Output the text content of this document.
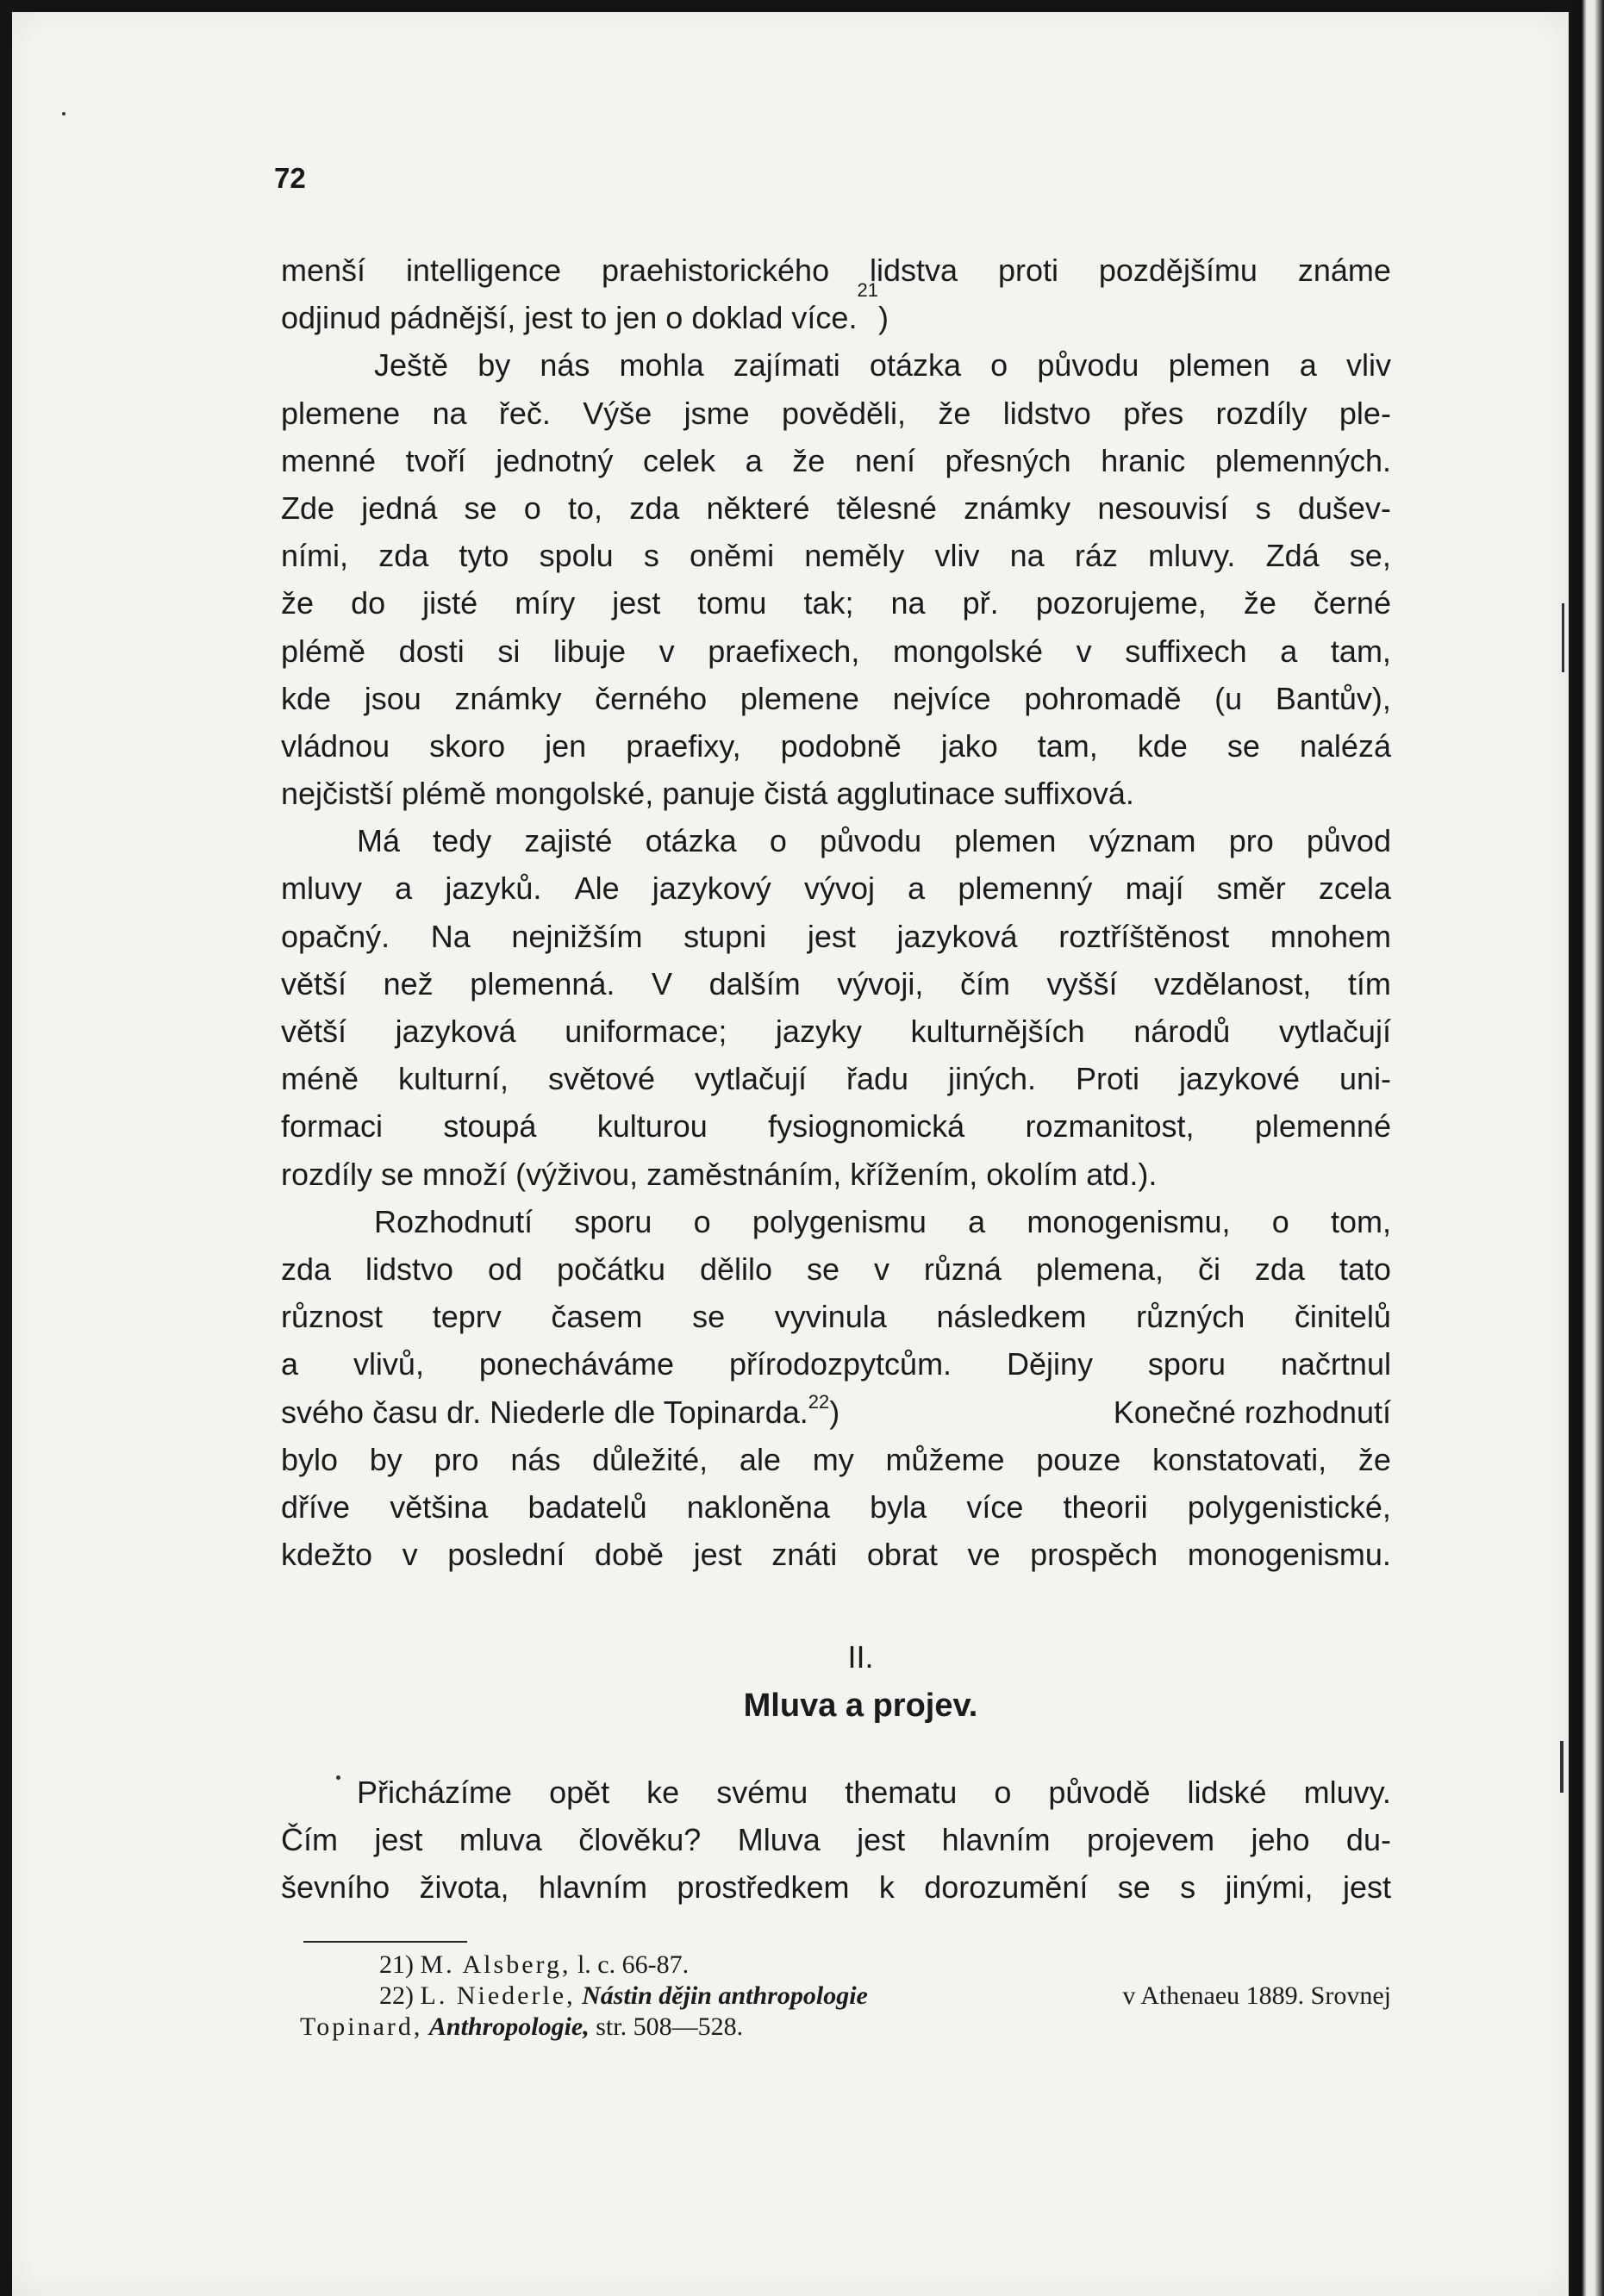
72
menší intelligence praehistorického lidstva proti pozdějšímu známe
odjinud pádnější, jest to jen o doklad více.
$^{21}$
)
Ještě by nás mohla zajímati otázka o původu plemen a vliv
plemene na řeč. Výše jsme pověděli, že lidstvo přes rozdíly ple-
menné tvoří jednotný celek a že není přesných hranic plemenných.
Zde jedná se o to, zda některé tělesné známky nesouvisí s dušev-
ními, zda tyto spolu s oněmi neměly vliv na ráz mluvy. Zdá se,
že do jisté míry jest tomu tak; na př. pozorujeme, že černé
plémě dosti si libuje v praefixech, mongolské v suffixech a tam,
kde jsou známky černého plemene nejvíce pohromadě (u Bantův),
vládnou skoro jen praefixy, podobně jako tam, kde se nalézá
nejčistší plémě mongolské, panuje čistá agglutinace suffixová.
Má tedy zajisté otázka o původu plemen význam pro původ
mluvy a jazyků. Ale jazykový vývoj a plemenný mají směr zcela
opačný. Na nejnižším stupni jest jazyková roztříštěnost mnohem
větší než plemenná. V dalším vývoji, čím vyšší vzdělanost, tím
větší jazyková uniformace; jazyky kulturnějších národů vytlačují
méně kulturní, světové vytlačují řadu jiných. Proti jazykové uni-
formaci stoupá kulturou fysiognomická rozmanitost, plemenné
rozdíly se množí (výživou, zaměstnáním, křížením, okolím atd.).
Rozhodnutí sporu o polygenismu a monogenismu, o tom,
zda lidstvo od počátku dělilo se v různá plemena, či zda tato
různost teprv časem se vyvinula následkem různých činitelů
a vlivů, ponecháváme přírodozpytcům. Dějiny sporu načrtnul
svého času dr. Niederle dle Topinarda.$^{22}$)	Konečné rozhodnutí
bylo by pro nás důležité, ale my můžeme pouze konstatovati, že
dříve většina badatelů nakloněna byla více theorii polygenistické,
kdežto v poslední době jest znáti obrat ve prospěch monogenismu.
II.
Mluva a projev.
Přicházíme opět ke svému thematu o původě lidské mluvy.
Čím jest mluva člověku? Mluva jest hlavním projevem jeho du-
ševního života, hlavním prostředkem k dorozumění se s jinými, jest
21)
M. Alsberg,
l. c. 66-87.
22) L. Niederle, Nástin dějin anthropologie	v Athenaeu 1889. Srovnej
Topinard,
Anthropologie,
str. 508—528.
